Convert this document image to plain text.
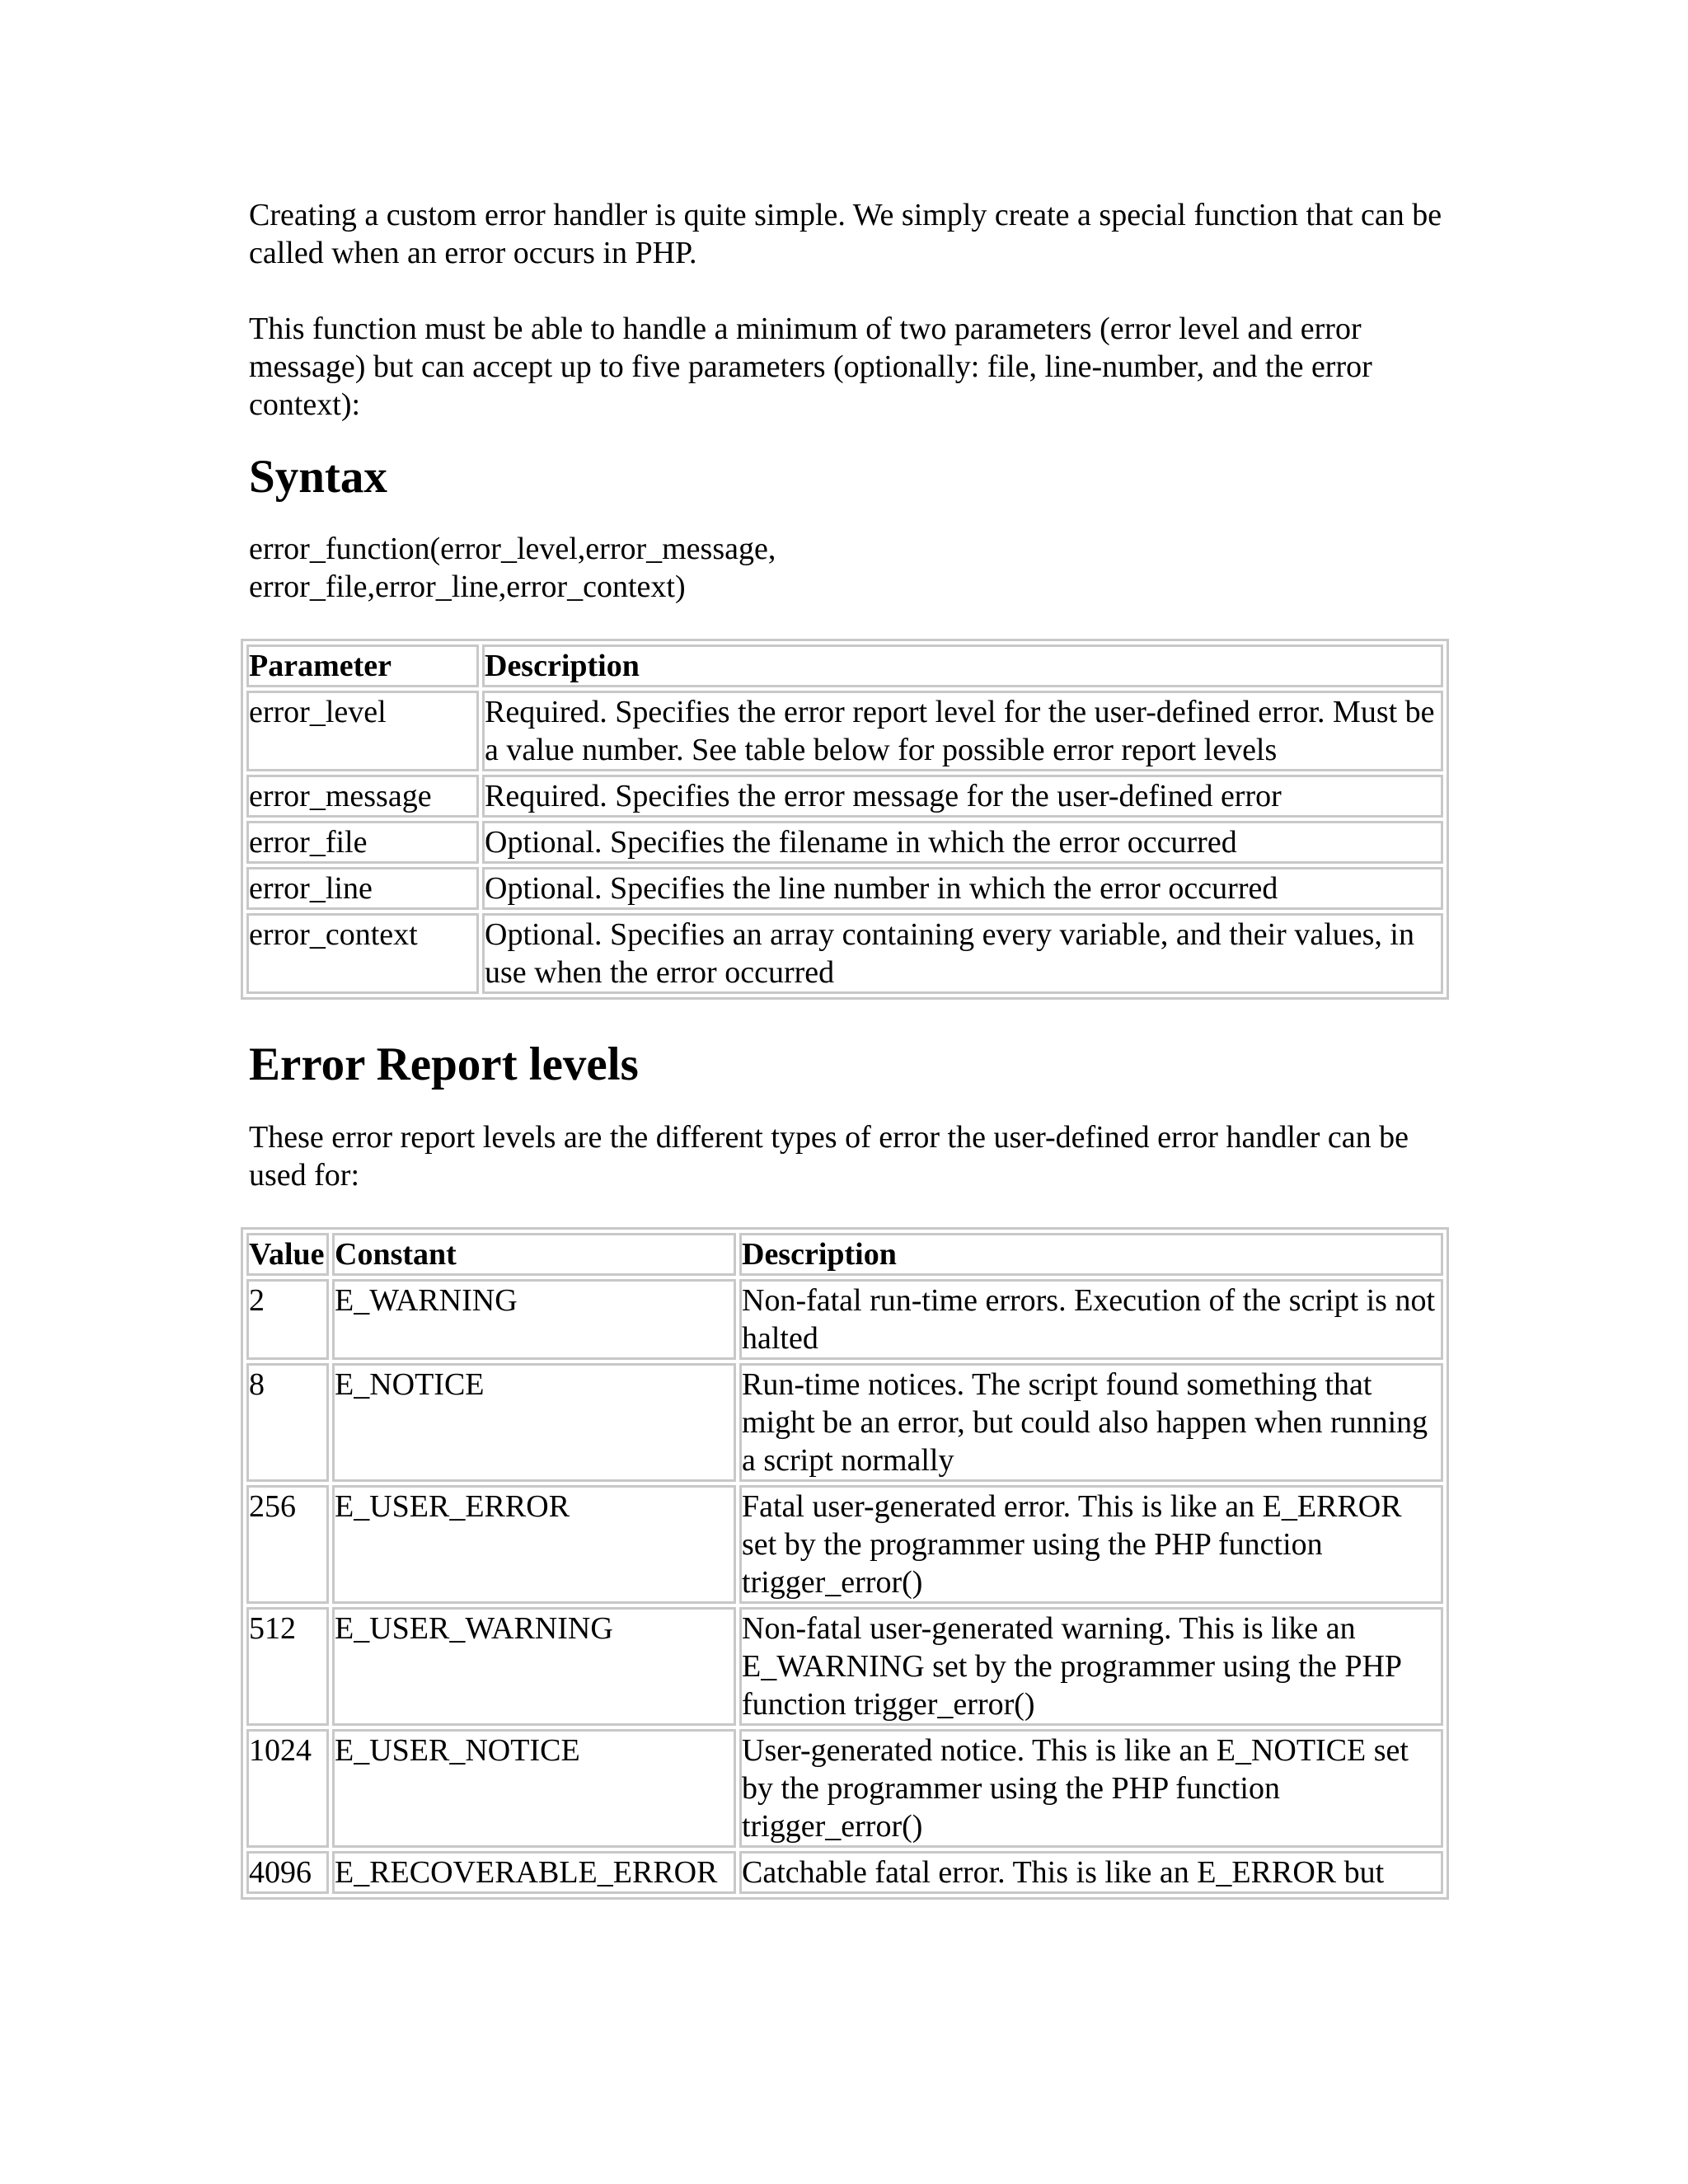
Creating a custom error handler is quite simple. We simply create a special function that can be called when an error occurs in PHP.

This function must be able to handle a minimum of two parameters (error level and error message) but can accept up to five parameters (optionally: file, line-number, and the error context):

Syntax
error_function(error_level,error_message,
error_file,error_line,error_context)
Parameter	Description
error_level	Required. Specifies the error report level for the user-defined error. Must be a value number. See table below for possible error report levels
error_message	Required. Specifies the error message for the user-defined error
error_file	Optional. Specifies the filename in which the error occurred
error_line	Optional. Specifies the line number in which the error occurred
error_context	Optional. Specifies an array containing every variable, and their values, in use when the error occurred
Error Report levels

These error report levels are the different types of error the user-defined error handler can be used for:

Value	Constant	Description
2	E_WARNING	Non-fatal run-time errors. Execution of the script is not halted
8	E_NOTICE	Run-time notices. The script found something that might be an error, but could also happen when running a script normally
256	E_USER_ERROR	Fatal user-generated error. This is like an E_ERROR set by the programmer using the PHP function trigger_error()
512	E_USER_WARNING	Non-fatal user-generated warning. This is like an E_WARNING set by the programmer using the PHP function trigger_error()
1024	E_USER_NOTICE	User-generated notice. This is like an E_NOTICE set by the programmer using the PHP function trigger_error()
4096	E_RECOVERABLE_ERROR	Catchable fatal error. This is like an E_ERROR but
